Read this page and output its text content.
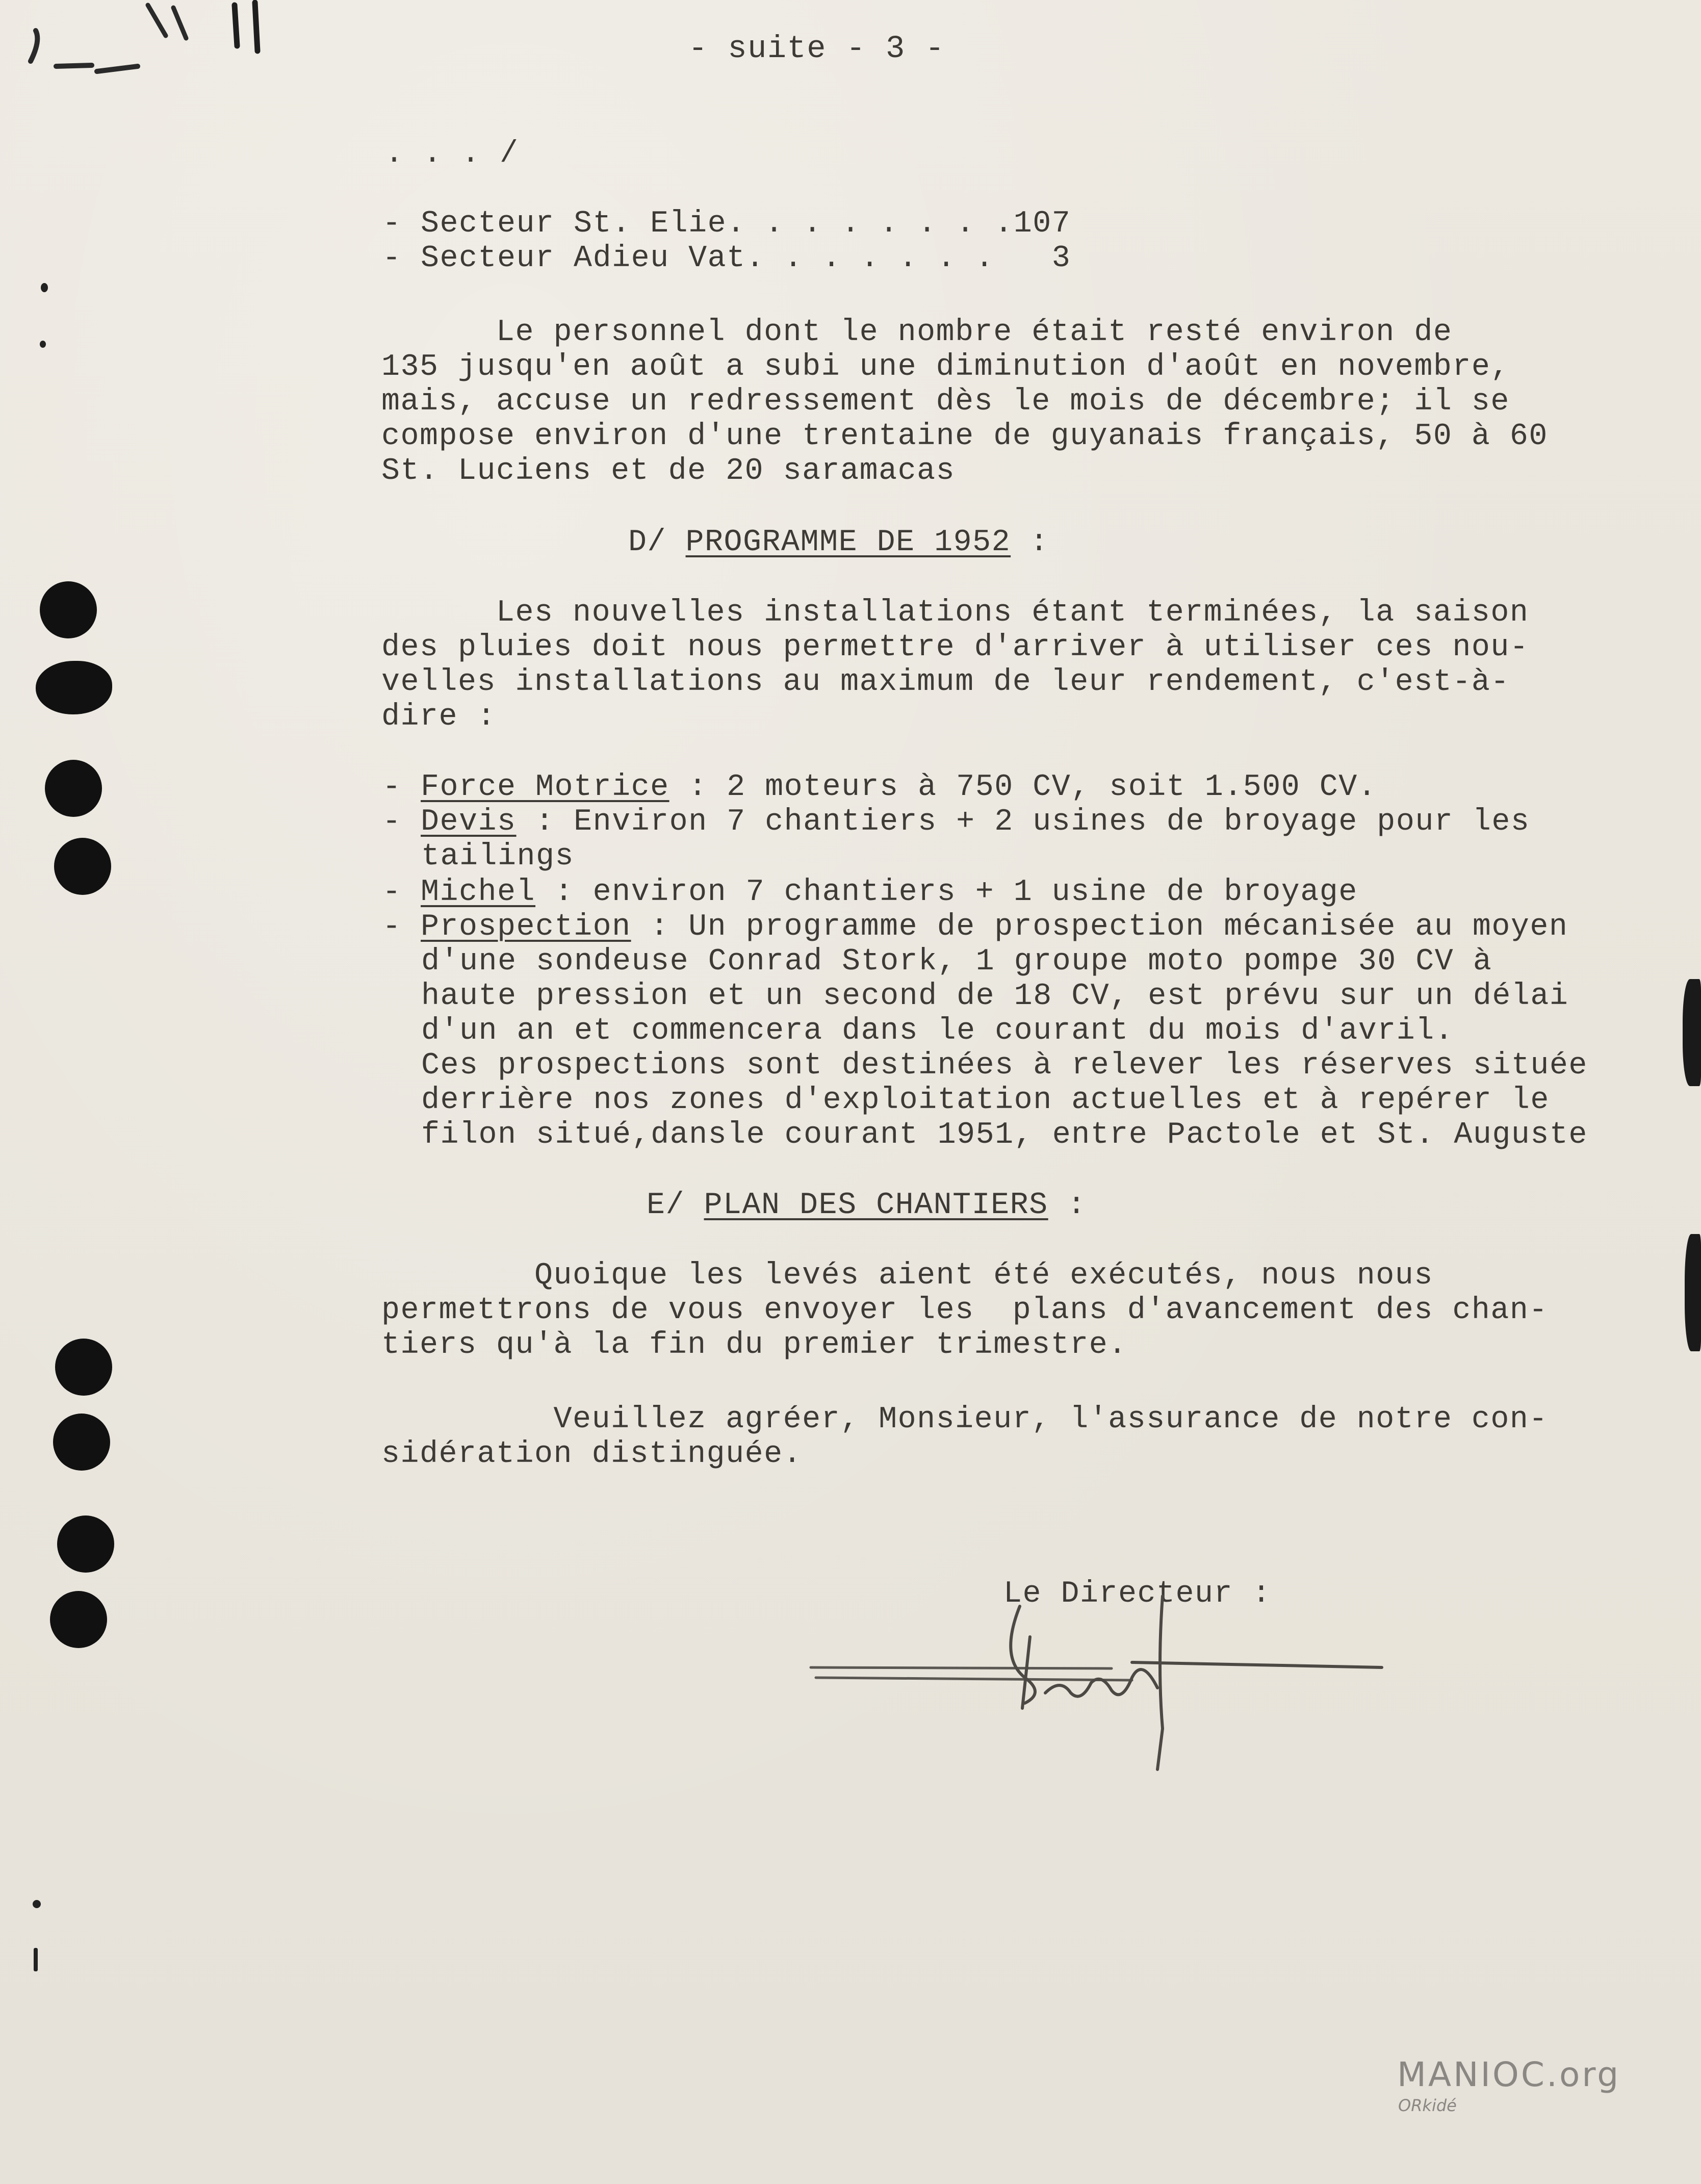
- suite - 3 -
. . . /
- Secteur St. Elie. . . . . . . .107
- Secteur Adieu Vat. . . . . . .   3
Le personnel dont le nombre était resté environ de
135 jusqu'en août a subi une diminution d'août en novembre,
mais, accuse un redressement dès le mois de décembre; il se
compose environ d'une trentaine de guyanais français, 50 à 60
St. Luciens et de 20 saramacas
D/ PROGRAMME DE 1952 :
Les nouvelles installations étant terminées, la saison
des pluies doit nous permettre d'arriver à utiliser ces nou-
velles installations au maximum de leur rendement, c'est-à-
dire :
- Force Motrice : 2 moteurs à 750 CV, soit 1.500 CV.
- Devis : Environ 7 chantiers + 2 usines de broyage pour les
tailings
- Michel : environ 7 chantiers + 1 usine de broyage
- Prospection : Un programme de prospection mécanisée au moyen
d'une sondeuse Conrad Stork, 1 groupe moto pompe 30 CV à
haute pression et un second de 18 CV, est prévu sur un délai
d'un an et commencera dans le courant du mois d'avril.
Ces prospections sont destinées à relever les réserves située
derrière nos zones d'exploitation actuelles et à repérer le
filon situé,dansle courant 1951, entre Pactole et St. Auguste
E/ PLAN DES CHANTIERS :
Quoique les levés aient été exécutés, nous nous
permettrons de vous envoyer les  plans d'avancement des chan-
tiers qu'à la fin du premier trimestre.
Veuillez agréer, Monsieur, l'assurance de notre con-
sidération distinguée.
Le Directeur :
MANIOC.org
ORkidé
